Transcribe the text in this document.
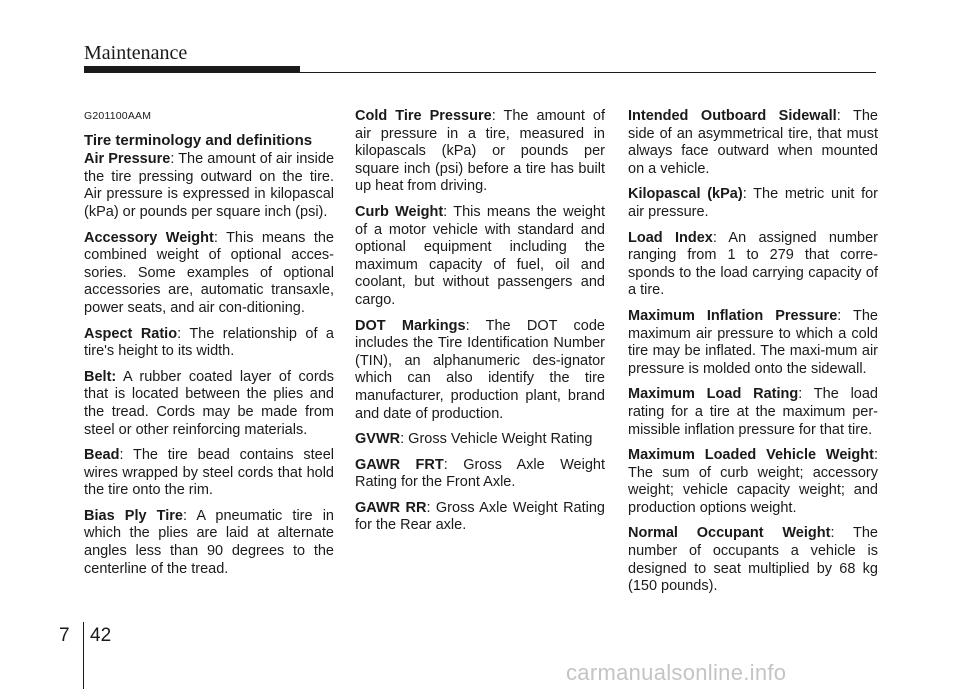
Maintenance
G201100AAM
Tire terminology and definitions

Air Pressure: The amount of air inside the tire pressing outward on the tire. Air pressure is expressed in kilopascal (kPa) or pounds per square inch (psi).

Accessory Weight: This means the combined weight of optional acces-sories. Some examples of optional accessories are, automatic transaxle, power seats, and air con-ditioning.

Aspect Ratio: The relationship of a tire's height to its width.

Belt: A rubber coated layer of cords that is located between the plies and the tread. Cords may be made from steel or other reinforcing materials.

Bead: The tire bead contains steel wires wrapped by steel cords that hold the tire onto the rim.

Bias Ply Tire: A pneumatic tire in which the plies are laid at alternate angles less than 90 degrees to the centerline of the tread.

Cold Tire Pressure: The amount of air pressure in a tire, measured in kilopascals (kPa) or pounds per square inch (psi) before a tire has built up heat from driving.

Curb Weight: This means the weight of a motor vehicle with standard and optional equipment including the maximum capacity of fuel, oil and coolant, but without passengers and cargo.

DOT Markings: The DOT code includes the Tire Identification Number (TIN), an alphanumeric des-ignator which can also identify the tire manufacturer, production plant, brand and date of production.

GVWR: Gross Vehicle Weight Rating

GAWR FRT: Gross Axle Weight Rating for the Front Axle.

GAWR RR: Gross Axle Weight Rating for the Rear axle.

Intended Outboard Sidewall: The side of an asymmetrical tire, that must always face outward when mounted on a vehicle.

Kilopascal (kPa): The metric unit for air pressure.

Load Index: An assigned number ranging from 1 to 279 that corre-sponds to the load carrying capacity of a tire.

Maximum Inflation Pressure: The maximum air pressure to which a cold tire may be inflated. The maxi-mum air pressure is molded onto the sidewall.

Maximum Load Rating: The load rating for a tire at the maximum per-missible inflation pressure for that tire.

Maximum Loaded Vehicle Weight: The sum of curb weight; accessory weight; vehicle capacity weight; and production options weight.

Normal Occupant Weight: The number of occupants a vehicle is designed to seat multiplied by 68 kg (150 pounds).

7 42
carmanualsonline.info
